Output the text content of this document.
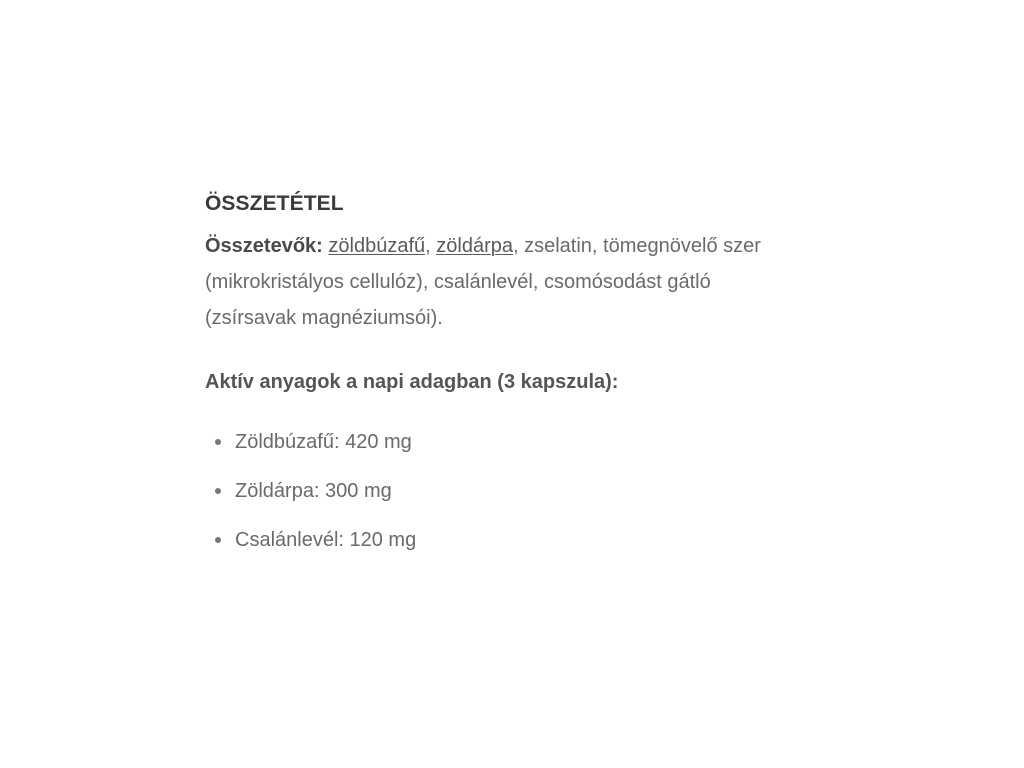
ÖSSZETÉTEL

Összetevők: zöldbúzafű, zöldárpa, zselatin, tömegnövelő szer
(mikrokristályos cellulóz), csalánlevél, csomósodást gátló
(zsírsavak magnéziumsói).

Aktív anyagok a napi adagban (3 kapszula):

Zöldbúzafű: 420 mg
Zöldárpa: 300 mg
Csalánlevél: 120 mg
